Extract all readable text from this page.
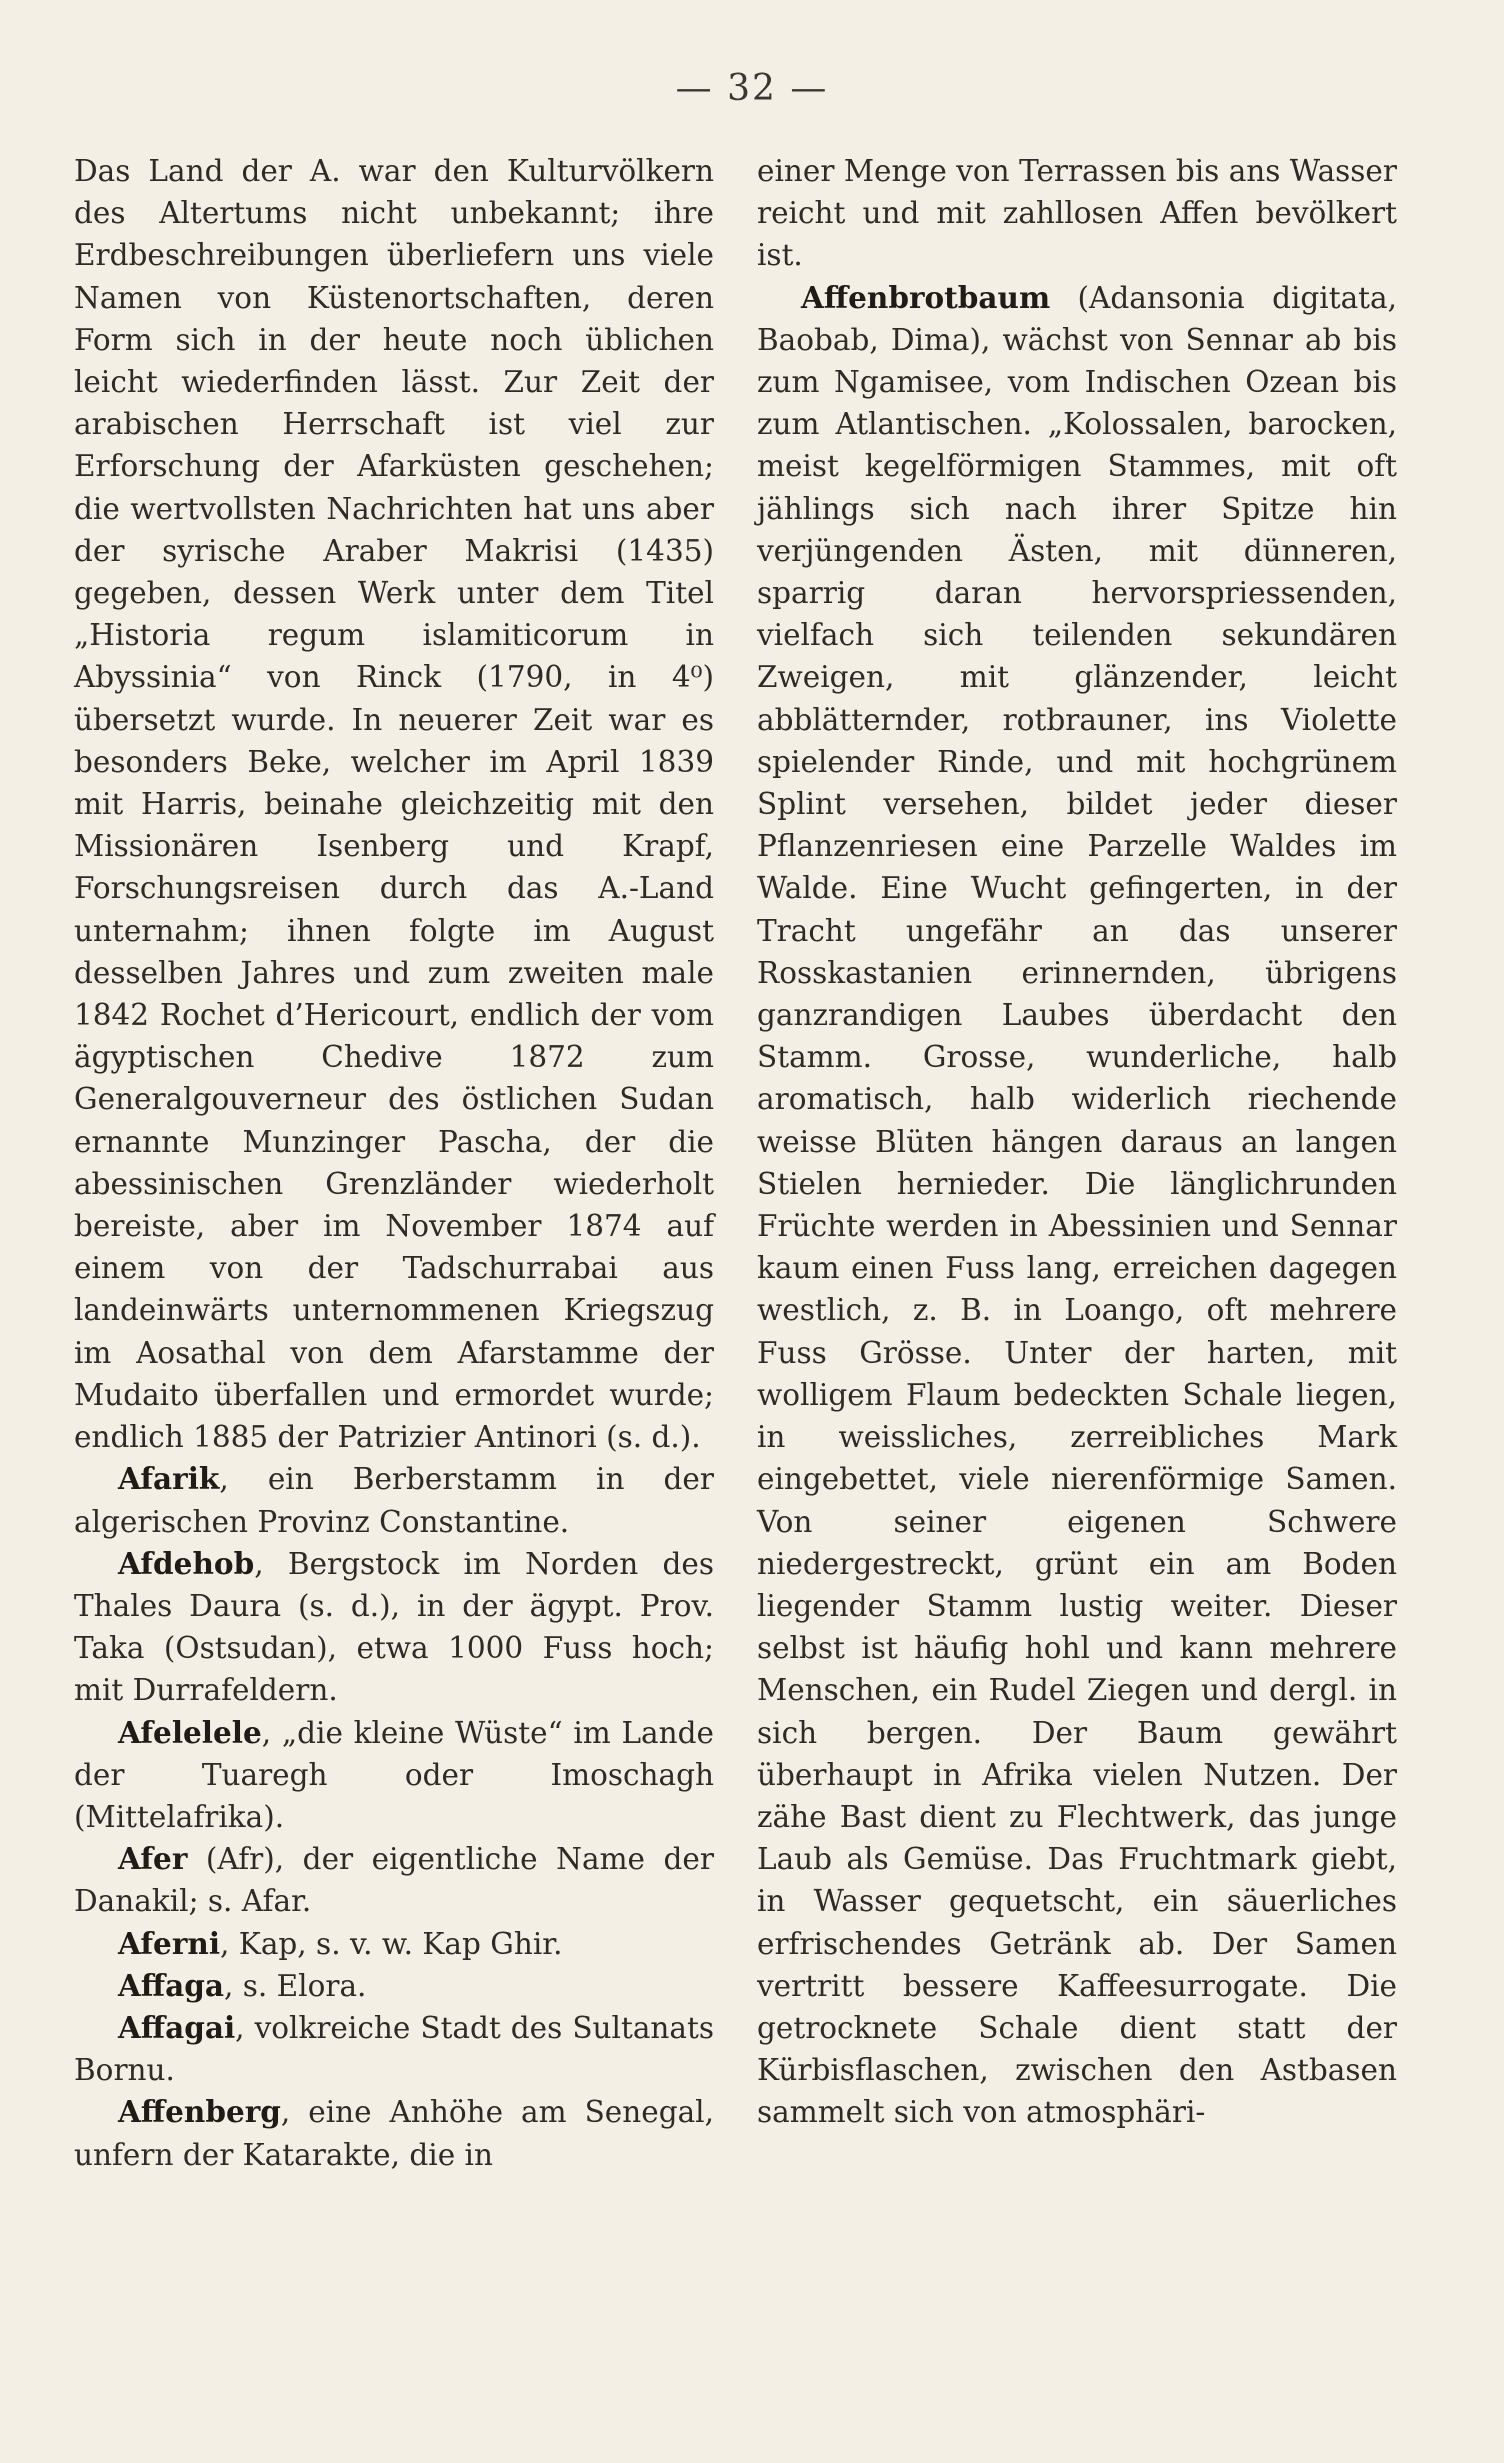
— 32 —

Das Land der A. war den Kulturvölkern des Altertums nicht unbekannt; ihre Erdbeschreibungen überliefern uns viele Namen von Küstenortschaften, deren Form sich in der heute noch üblichen leicht wiederfinden lässt. Zur Zeit der arabischen Herrschaft ist viel zur Erforschung der Afarküsten geschehen; die wertvollsten Nachrichten hat uns aber der syrische Araber Makrisi (1435) gegeben, dessen Werk unter dem Titel „Historia regum islamiticorum in Abyssinia“ von Rinck (1790, in 4⁰) übersetzt wurde. In neuerer Zeit war es besonders Beke, welcher im April 1839 mit Harris, beinahe gleichzeitig mit den Missionären Isenberg und Krapf, Forschungsreisen durch das A.-Land unternahm; ihnen folgte im August desselben Jahres und zum zweiten male 1842 Rochet d’Hericourt, endlich der vom ägyptischen Chedive 1872 zum Generalgouverneur des östlichen Sudan ernannte Munzinger Pascha, der die abessinischen Grenzländer wiederholt bereiste, aber im November 1874 auf einem von der Tadschurrabai aus landeinwärts unternommenen Kriegszug im Aosathal von dem Afarstamme der Mudaito überfallen und ermordet wurde; endlich 1885 der Patrizier Antinori (s. d.).

Afarik, ein Berberstamm in der algerischen Provinz Constantine.

Afdehob, Bergstock im Norden des Thales Daura (s. d.), in der ägypt. Prov. Taka (Ostsudan), etwa 1000 Fuss hoch; mit Durrafeldern.

Afelelele, „die kleine Wüste“ im Lande der Tuaregh oder Imoschagh (Mittelafrika).

Afer (Afr), der eigentliche Name der Danakil; s. Afar.

Aferni, Kap, s. v. w. Kap Ghir.

Affaga, s. Elora.

Affagai, volkreiche Stadt des Sultanats Bornu.

Affenberg, eine Anhöhe am Senegal, unfern der Katarakte, die in

einer Menge von Terrassen bis ans Wasser reicht und mit zahllosen Affen bevölkert ist.

Affenbrotbaum (Adansonia digitata, Baobab, Dima), wächst von Sennar ab bis zum Ngamisee, vom Indischen Ozean bis zum Atlantischen. „Kolossalen, barocken, meist kegelförmigen Stammes, mit oft jählings sich nach ihrer Spitze hin verjüngenden Ästen, mit dünneren, sparrig daran hervorspriessenden, vielfach sich teilenden sekundären Zweigen, mit glänzender, leicht abblätternder, rotbrauner, ins Violette spielender Rinde, und mit hochgrünem Splint versehen, bildet jeder dieser Pflanzenriesen eine Parzelle Waldes im Walde. Eine Wucht gefingerten, in der Tracht ungefähr an das unserer Rosskastanien erinnernden, übrigens ganzrandigen Laubes überdacht den Stamm. Grosse, wunderliche, halb aromatisch, halb widerlich riechende weisse Blüten hängen daraus an langen Stielen hernieder. Die länglichrunden Früchte werden in Abessinien und Sennar kaum einen Fuss lang, erreichen dagegen westlich, z. B. in Loango, oft mehrere Fuss Grösse. Unter der harten, mit wolligem Flaum bedeckten Schale liegen, in weissliches, zerreibliches Mark eingebettet, viele nierenförmige Samen. Von seiner eigenen Schwere niedergestreckt, grünt ein am Boden liegender Stamm lustig weiter. Dieser selbst ist häufig hohl und kann mehrere Menschen, ein Rudel Ziegen und dergl. in sich bergen. Der Baum gewährt überhaupt in Afrika vielen Nutzen. Der zähe Bast dient zu Flechtwerk, das junge Laub als Gemüse. Das Fruchtmark giebt, in Wasser gequetscht, ein säuerliches erfrischendes Getränk ab. Der Samen vertritt bessere Kaffeesurrogate. Die getrocknete Schale dient statt der Kürbisflaschen, zwischen den Astbasen sammelt sich von atmosphäri-
